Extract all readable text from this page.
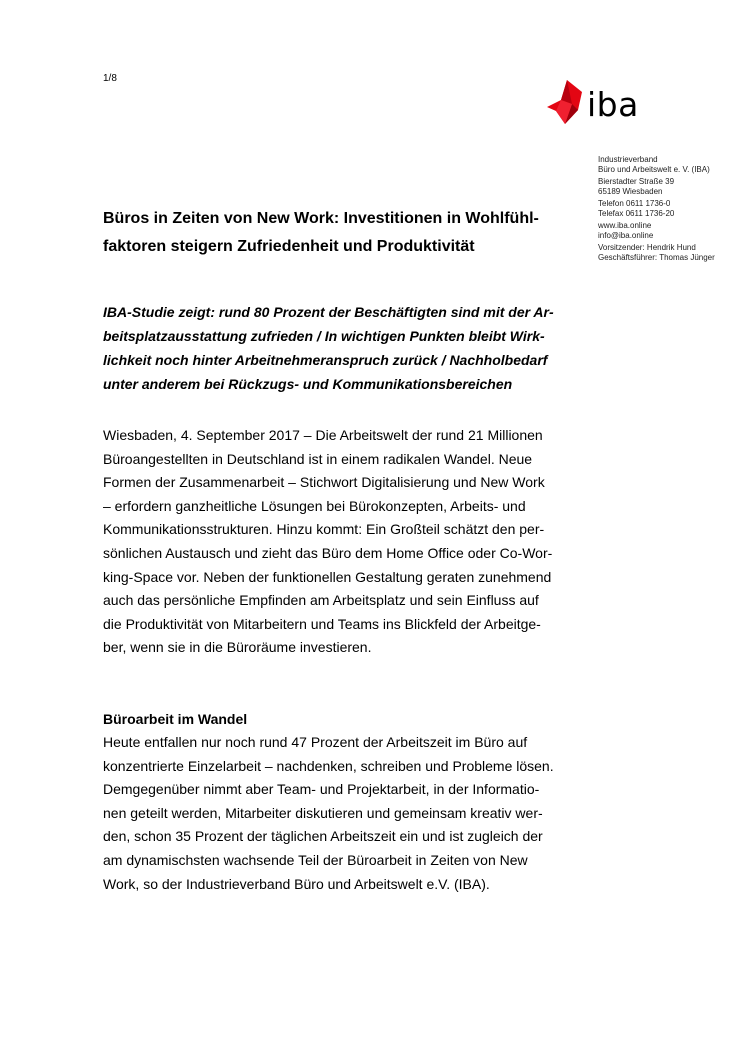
1/8
iba
Industrieverband
Büro und Arbeitswelt e. V. (IBA)
Bierstadter Straße 39
65189 Wiesbaden
Telefon 0611 1736-0
Telefax 0611 1736-20
www.iba.online
info@iba.online
Vorsitzender: Hendrik Hund
Geschäftsführer: Thomas Jünger
Büros in Zeiten von New Work: Investitionen in Wohlfühl-
faktoren steigern Zufriedenheit und Produktivität

IBA-Studie zeigt: rund 80 Prozent der Beschäftigten sind mit der Ar-
beitsplatzausstattung zufrieden / In wichtigen Punkten bleibt Wirk-
lichkeit noch hinter Arbeitnehmeranspruch zurück / Nachholbedarf
unter anderem bei Rückzugs- und Kommunikationsbereichen

Wiesbaden, 4. September 2017 – Die Arbeitswelt der rund 21 Millionen
Büroangestellten in Deutschland ist in einem radikalen Wandel. Neue
Formen der Zusammenarbeit – Stichwort Digitalisierung und New Work
– erfordern ganzheitliche Lösungen bei Bürokonzepten, Arbeits- und
Kommunikationsstrukturen. Hinzu kommt: Ein Großteil schätzt den per-
sönlichen Austausch und zieht das Büro dem Home Office oder Co-Wor-
king-Space vor. Neben der funktionellen Gestaltung geraten zunehmend
auch das persönliche Empfinden am Arbeitsplatz und sein Einfluss auf
die Produktivität von Mitarbeitern und Teams ins Blickfeld der Arbeitge-
ber, wenn sie in die Büroräume investieren.

Büroarbeit im Wandel

Heute entfallen nur noch rund 47 Prozent der Arbeitszeit im Büro auf
konzentrierte Einzelarbeit – nachdenken, schreiben und Probleme lösen.
Demgegenüber nimmt aber Team- und Projektarbeit, in der Informatio-
nen geteilt werden, Mitarbeiter diskutieren und gemeinsam kreativ wer-
den, schon 35 Prozent der täglichen Arbeitszeit ein und ist zugleich der
am dynamischsten wachsende Teil der Büroarbeit in Zeiten von New
Work, so der Industrieverband Büro und Arbeitswelt e.V. (IBA).
